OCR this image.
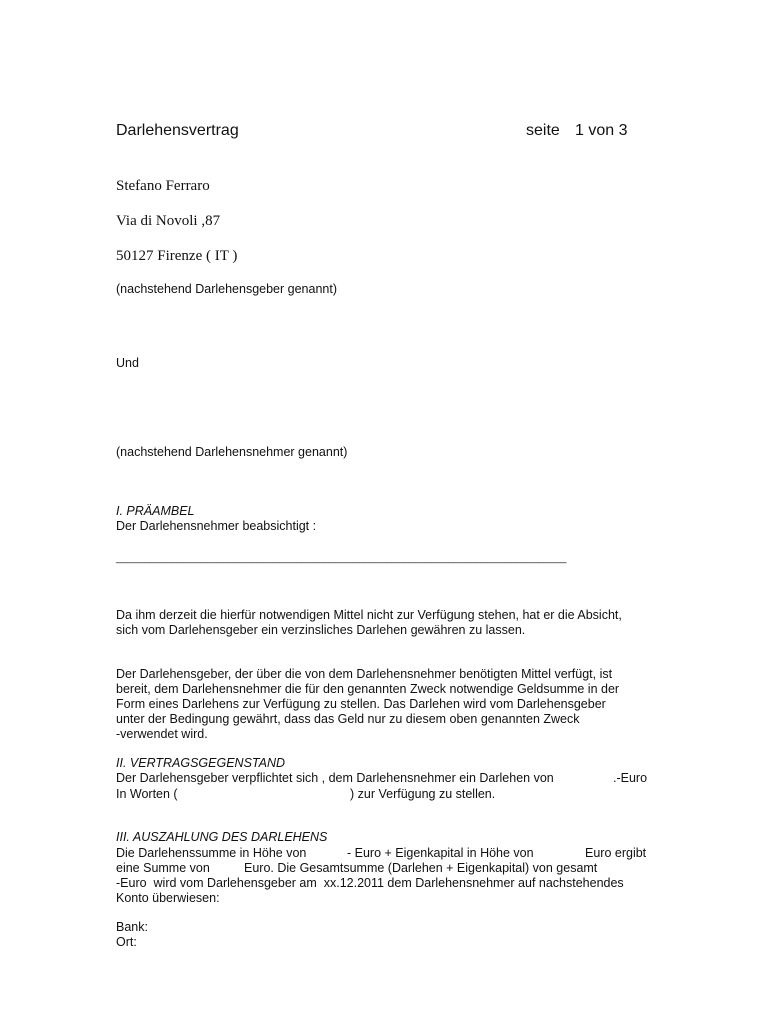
Darlehensvertrag	seite 1 von 3
Stefano Ferraro
Via di Novoli ,87
50127 Firenze ( IT )
(nachstehend Darlehensgeber genannt)
Und
(nachstehend Darlehensnehmer genannt)
I. PRÄAMBEL
Der Darlehensnehmer beabsichtigt :
________________________________________________________________________________
Da ihm derzeit die hierfür notwendigen Mittel nicht zur Verfügung stehen, hat er die Absicht,
sich vom Darlehensgeber ein verzinsliches Darlehen gewähren zu lassen.
Der Darlehensgeber, der über die von dem Darlehensnehmer benötigten Mittel verfügt, ist
bereit, dem Darlehensnehmer die für den genannten Zweck notwendige Geldsumme in der
Form eines Darlehens zur Verfügung zu stellen. Das Darlehen wird vom Darlehensgeber
unter der Bedingung gewährt, dass das Geld nur zu diesem oben genannten Zweck
-verwendet wird.
II. VERTRAGSGEGENSTAND
Der Darlehensgeber verpflichtet sich , dem Darlehensnehmer ein Darlehen von	.-Euro
In Worten (	) zur Verfügung zu stellen.
III. AUSZAHLUNG DES DARLEHENS
Die Darlehenssumme in Höhe von	- Euro + Eigenkapital in Höhe von	Euro ergibt
eine Summe von	Euro. Die Gesamtsumme (Darlehen + Eigenkapital) von gesamt
-Euro  wird vom Darlehensgeber am  xx.12.2011 dem Darlehensnehmer auf nachstehendes
Konto überwiesen:
Bank:
Ort:
